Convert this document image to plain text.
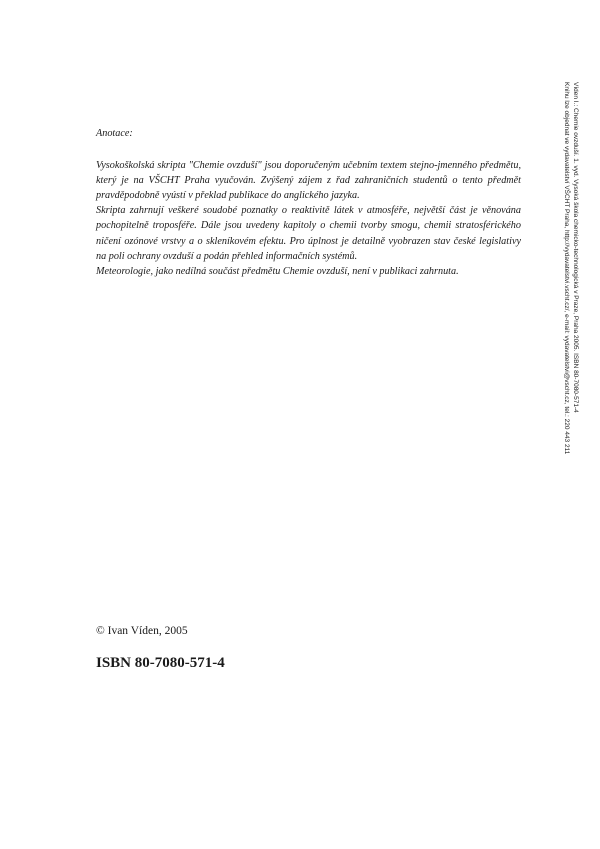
Anotace:

Vysokoškolská skripta "Chemie ovzduší" jsou doporučeným učebním textem stejno-jmenného předmětu, který je na VŠCHT Praha vyučován. Zvýšený zájem z řad zahraničních studentů o tento předmět pravděpodobně vyústí v překlad publikace do anglického jazyka.

Skripta zahrnují veškeré soudobé poznatky o reaktivitě látek v atmosféře, největší část je věnována pochopitelně troposféře. Dále jsou uvedeny kapitoly o chemii tvorby smogu, chemii stratosférického ničení ozónové vrstvy a o skleníkovém efektu. Pro úplnost je detailně vyobrazen stav české legislativy na poli ochrany ovzduší a podán přehled informačních systémů.

Meteorologie, jako nedílná součást předmětu Chemie ovzduší, není v publikaci zahrnuta.	Víden I.: Chemie ovzduší. 1. vyd. Vysoká škola chemicko-technologická v Praze, Praha 2005. ISBN 80-7080-571-4
Knihu lze objednat ve vydavatelství VŠCHT Praha, http://vydavatelstvi.vscht.cz/, e-mail: vydavatelstvi@vscht.cz, tel.: 220 443 211
© Ivan Víden, 2005
ISBN 80-7080-571-4
